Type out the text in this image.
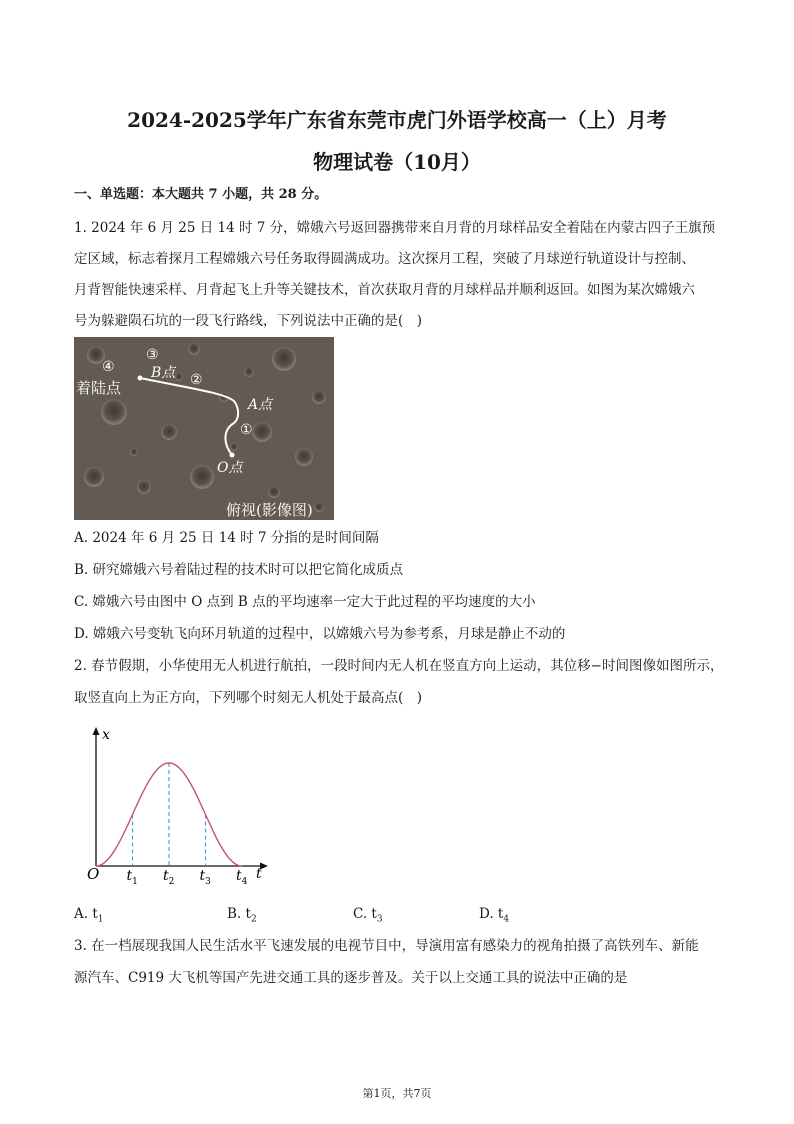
2024-2025学年广东省东莞市虎门外语学校高一（上）月考
物理试卷（10月）
一、单选题：本大题共 7 小题，共 28 分。
1. 2024 年 6 月 25 日 14 时 7 分，嫦娥六号返回器携带来自月背的月球样品安全着陆在内蒙古四子王旗预
定区域，标志着探月工程嫦娥六号任务取得圆满成功。这次探月工程，突破了月球逆行轨道设计与控制、
月背智能快速采样、月背起飞上升等关键技术，首次获取月背的月球样品并顺利返回。如图为某次嫦娥六
号为躲避陨石坑的一段飞行路线，下列说法中正确的是(　)
④
着陆点
③
B点 ②
A点
①
O点
俯视(影像图)
A. 2024 年 6 月 25 日 14 时 7 分指的是时间间隔
B. 研究嫦娥六号着陆过程的技术时可以把它简化成质点
C. 嫦娥六号由图中 O 点到 B 点的平均速率一定大于此过程的平均速度的大小
D. 嫦娥六号变轨飞向环月轨道的过程中，以嫦娥六号为参考系，月球是静止不动的
2. 春节假期，小华使用无人机进行航拍，一段时间内无人机在竖直方向上运动，其位移−时间图像如图所示，
取竖直向上为正方向，下列哪个时刻无人机处于最高点(　)
x
t
O $t_1$ $t_2$ $t_3$ $t_4$
A. $t_1$	B. $t_2$	C. $t_3$	D. $t_4$
3. 在一档展现我国人民生活水平飞速发展的电视节目中，导演用富有感染力的视角拍摄了高铁列车、新能
源汽车、C919 大飞机等国产先进交通工具的逐步普及。关于以上交通工具的说法中正确的是
第1页，共7页
